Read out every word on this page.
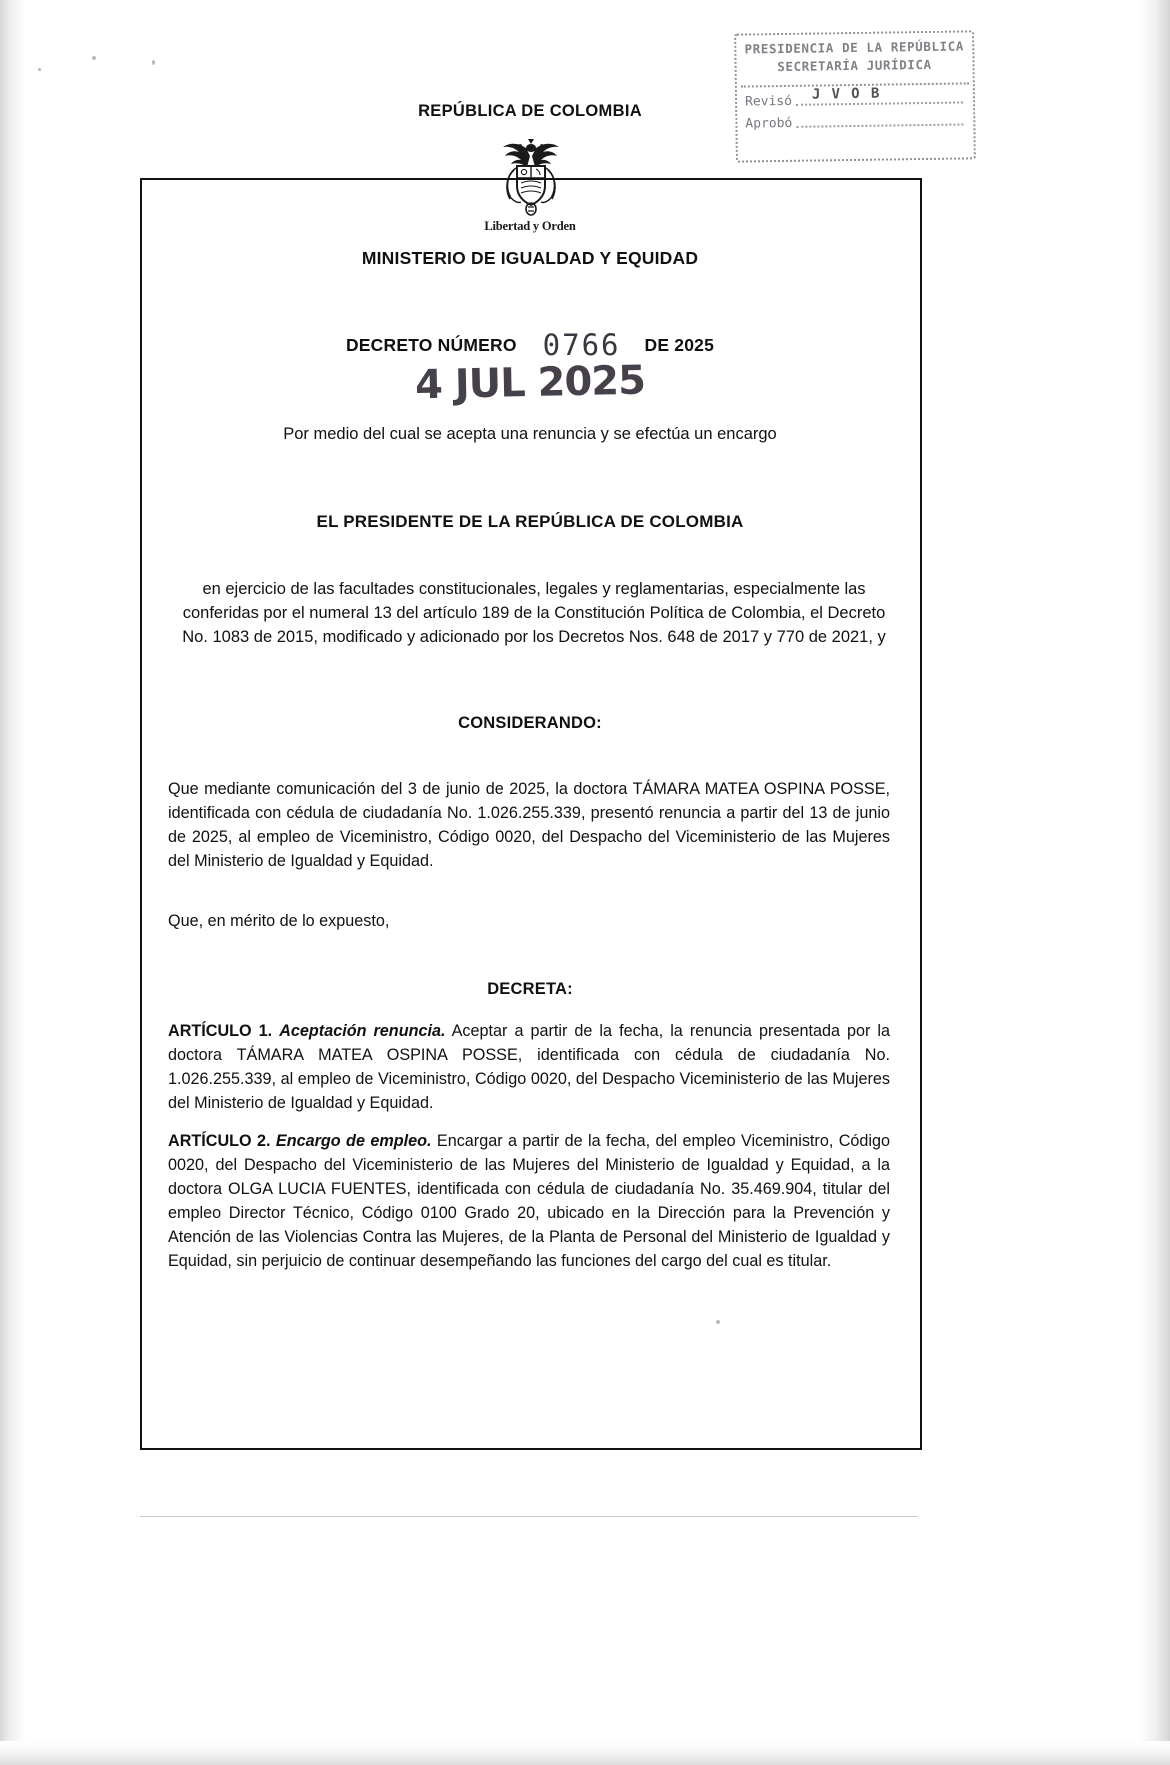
PRESIDENCIA DE LA REPÚBLICA
SECRETARÍA JURÍDICA
Revisó J V O B
Aprobó
REPÚBLICA DE COLOMBIA
Libertad y Orden
MINISTERIO DE IGUALDAD Y EQUIDAD
DECRETO NÚMERO 0766 DE 2025
4 JUL 2025
Por medio del cual se acepta una renuncia y se efectúa un encargo
EL PRESIDENTE DE LA REPÚBLICA DE COLOMBIA
en ejercicio de las facultades constitucionales, legales y reglamentarias, especialmente las conferidas por el numeral 13 del artículo 189 de la Constitución Política de Colombia, el Decreto No. 1083 de 2015, modificado y adicionado por los Decretos Nos. 648 de 2017 y 770 de 2021, y
CONSIDERANDO:
Que mediante comunicación del 3 de junio de 2025, la doctora TÁMARA MATEA OSPINA POSSE, identificada con cédula de ciudadanía No. 1.026.255.339, presentó renuncia a partir del 13 de junio de 2025, al empleo de Viceministro, Código 0020, del Despacho del Viceministerio de las Mujeres del Ministerio de Igualdad y Equidad.
Que, en mérito de lo expuesto,
DECRETA:
ARTÍCULO 1. Aceptación renuncia. Aceptar a partir de la fecha, la renuncia presentada por la doctora TÁMARA MATEA OSPINA POSSE, identificada con cédula de ciudadanía No. 1.026.255.339, al empleo de Viceministro, Código 0020, del Despacho Viceministerio de las Mujeres del Ministerio de Igualdad y Equidad.
ARTÍCULO 2. Encargo de empleo. Encargar a partir de la fecha, del empleo Viceministro, Código 0020, del Despacho del Viceministerio de las Mujeres del Ministerio de Igualdad y Equidad, a la doctora OLGA LUCIA FUENTES, identificada con cédula de ciudadanía No. 35.469.904, titular del empleo Director Técnico, Código 0100 Grado 20, ubicado en la Dirección para la Prevención y Atención de las Violencias Contra las Mujeres, de la Planta de Personal del Ministerio de Igualdad y Equidad, sin perjuicio de continuar desempeñando las funciones del cargo del cual es titular.
